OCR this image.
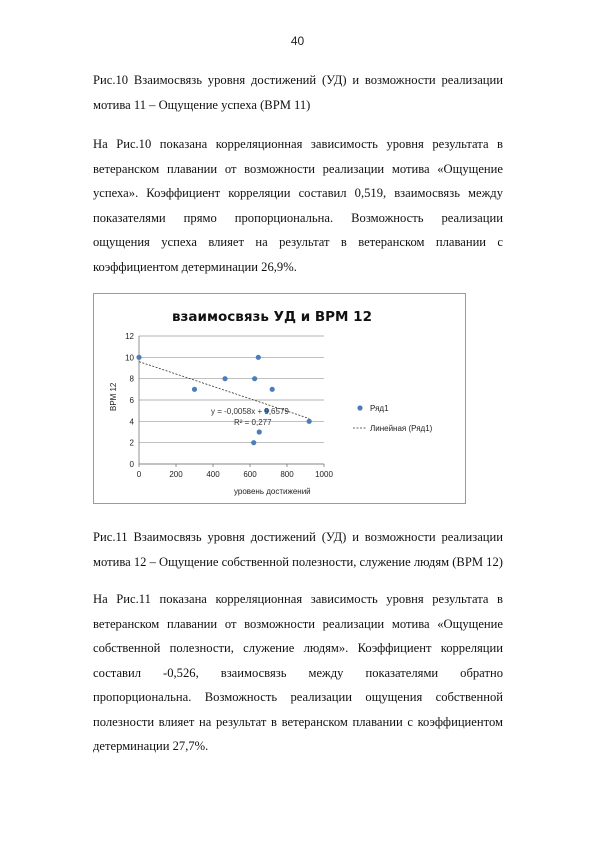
40

Рис.10 Взаимосвязь уровня достижений (УД) и возможности реализации мотива 11 – Ощущение успеха (ВРМ 11)

На Рис.10 показана корреляционная зависимость уровня результата в ветеранском плавании от возможности реализации мотива «Ощущение успеха». Коэффициент корреляции составил 0,519, взаимосвязь между показателями прямо пропорциональна. Возможность реализации ощущения успеха влияет на результат в ветеранском плавании с коэффициентом детерминации 26,9%.

взаимосвязь УД и ВРМ 12
0
2
4
6
8
10
12
0	200	400	600	800	1000
y = -0,0058x + 9,6579
R² = 0,277
уровень достижений
ВРМ 12	Ряд1
Линейная (Ряд1)

Рис.11 Взаимосвязь уровня достижений (УД) и возможности реализации мотива 12 – Ощущение собственной полезности, служение людям (ВРМ 12)

На Рис.11 показана корреляционная зависимость уровня результата в ветеранском плавании от возможности реализации мотива «Ощущение собственной полезности, служение людям». Коэффициент корреляции составил -0,526, взаимосвязь между показателями обратно пропорциональна. Возможность реализации ощущения собственной полезности влияет на результат в ветеранском плавании с коэффициентом детерминации 27,7%.
